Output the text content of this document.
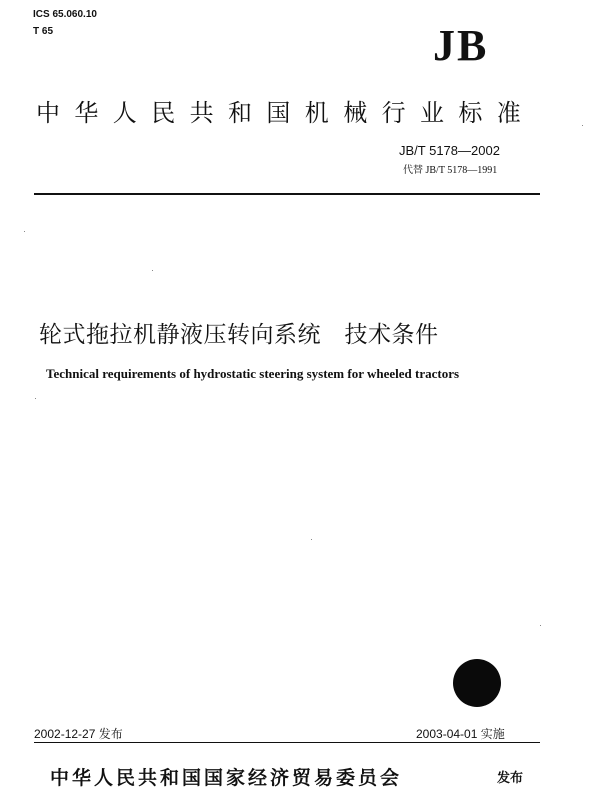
ICS 65.060.10
T 65	JB
中华人民共和国机械行业标准
JB/T 5178—2002
代替 JB/T 5178—1991
轮式拖拉机静液压转向系统　技术条件
Technical requirements of hydrostatic steering system for wheeled tractors
2002-12-27 发布	2003-04-01 实施
中华人民共和国国家经济贸易委员会	发布
